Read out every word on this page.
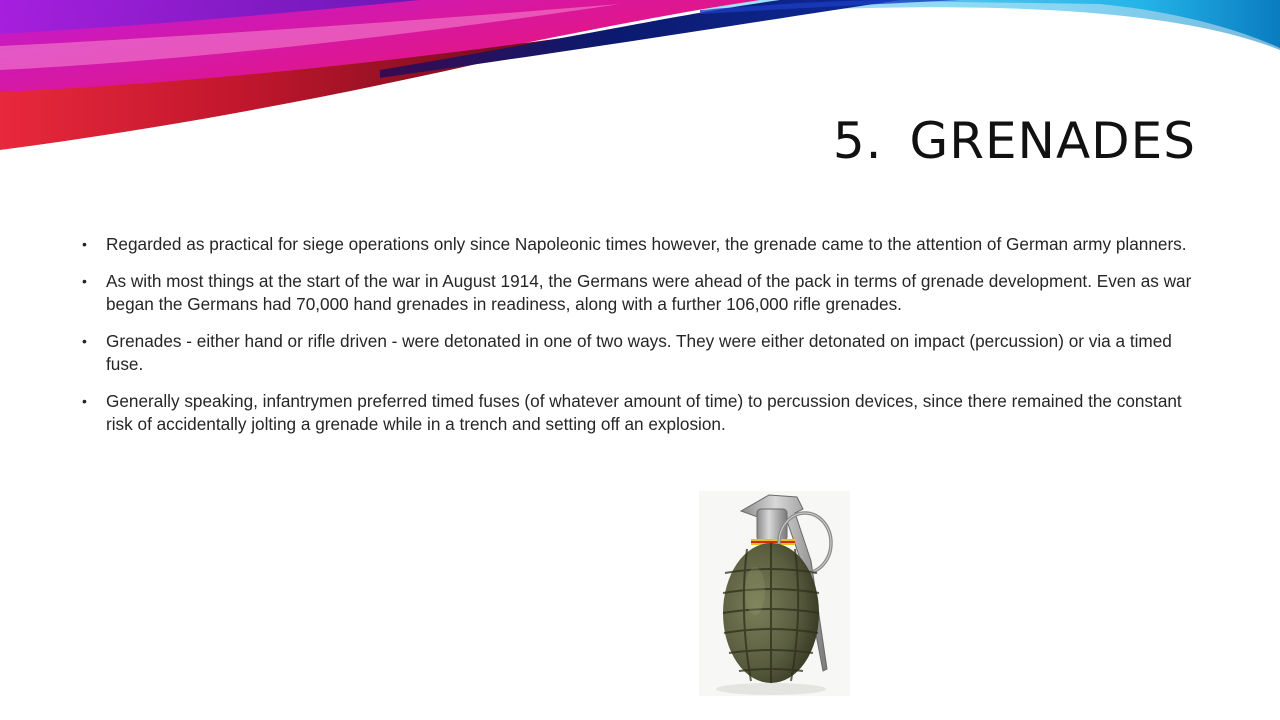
5. GRENADES
• Regarded as practical for siege operations only since Napoleonic times however, the grenade came to the attention of German army planners.
• As with most things at the start of the war in August 1914, the Germans were ahead of the pack in terms of grenade development. Even as war began the Germans had 70,000 hand grenades in readiness, along with a further 106,000 rifle grenades.
• Grenades - either hand or rifle driven - were detonated in one of two ways. They were either detonated on impact (percussion) or via a timed fuse.
• Generally speaking, infantrymen preferred timed fuses (of whatever amount of time) to percussion devices, since there remained the constant risk of accidentally jolting a grenade while in a trench and setting off an explosion.
